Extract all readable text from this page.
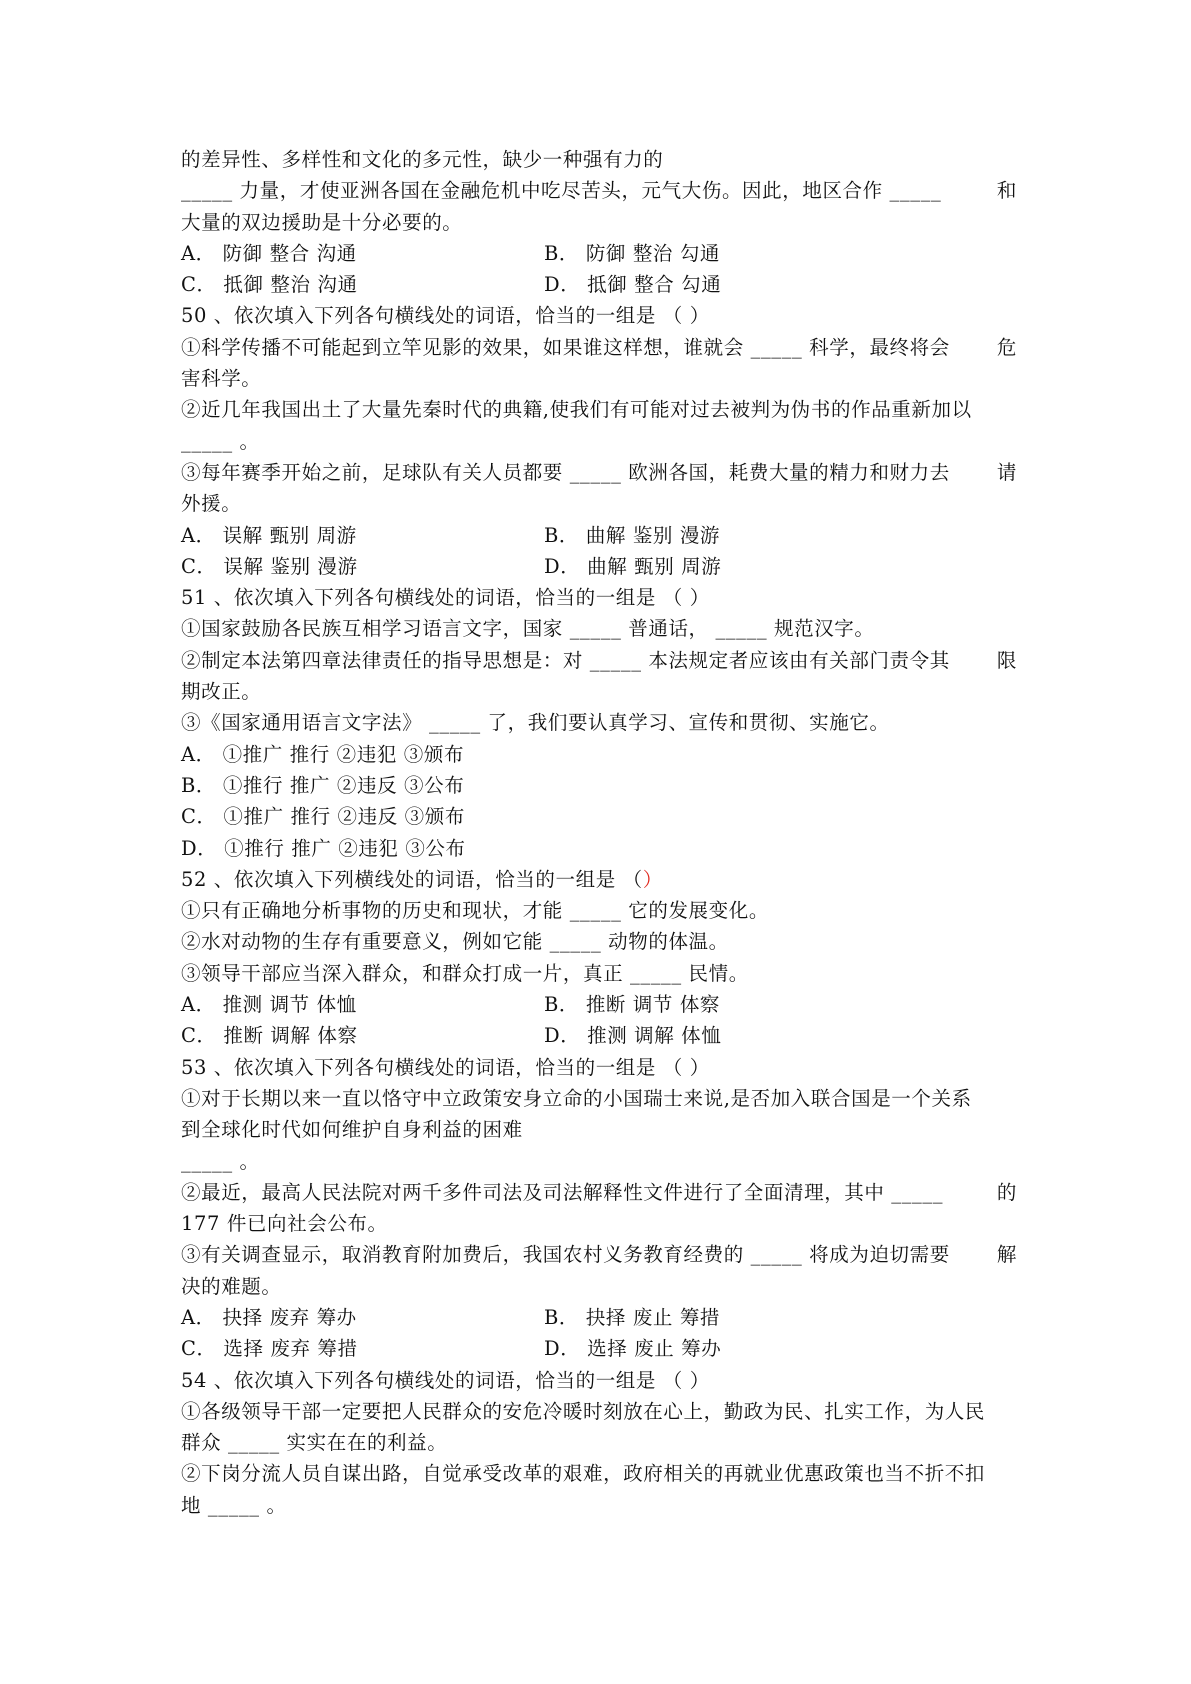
的差异性、多样性和文化的多元性，缺少一种强有力的
_____ 力量，才使亚洲各国在金融危机中吃尽苦头，元气大伤。因此，地区合作 _____	和
大量的双边援助是十分必要的。
A． 防御 整合 沟通	B． 防御 整治 勾通
C． 抵御 整治 沟通	D． 抵御 整合 勾通
50 、依次填入下列各句横线处的词语，恰当的一组是 （ ）
①科学传播不可能起到立竿见影的效果，如果谁这样想，谁就会 _____ 科学，最终将会 危
害科学。
②近几年我国出土了大量先秦时代的典籍,使我们有可能对过去被判为伪书的作品重新加以
_____ 。
③每年赛季开始之前，足球队有关人员都要 _____ 欧洲各国，耗费大量的精力和财力去 请
外援。
A． 误解 甄别 周游	B． 曲解 鉴别 漫游
C． 误解 鉴别 漫游	D． 曲解 甄别 周游
51 、依次填入下列各句横线处的词语，恰当的一组是 （ ）
①国家鼓励各民族互相学习语言文字，国家 _____ 普通话， _____ 规范汉字。
②制定本法第四章法律责任的指导思想是：对 _____ 本法规定者应该由有关部门责令其 限
期改正。
③《国家通用语言文字法》 _____ 了，我们要认真学习、宣传和贯彻、实施它。
A． ①推广 推行 ②违犯 ③颁布
B． ①推行 推广 ②违反 ③公布
C． ①推广 推行 ②违反 ③颁布
D． ①推行 推广 ②违犯 ③公布
52 、依次填入下列横线处的词语，恰当的一组是 （）
①只有正确地分析事物的历史和现状，才能 _____ 它的发展变化。
②水对动物的生存有重要意义，例如它能 _____ 动物的体温。
③领导干部应当深入群众，和群众打成一片，真正 _____ 民情。
A． 推测 调节 体恤	B． 推断 调节 体察
C． 推断 调解 体察	D． 推测 调解 体恤
53 、依次填入下列各句横线处的词语，恰当的一组是 （ ）
①对于长期以来一直以恪守中立政策安身立命的小国瑞士来说,是否加入联合国是一个关系
到全球化时代如何维护自身利益的困难
_____ 。
②最近，最高人民法院对两千多件司法及司法解释性文件进行了全面清理，其中 _____	的
177 件已向社会公布。
③有关调查显示，取消教育附加费后，我国农村义务教育经费的 _____ 将成为迫切需要 解
决的难题。
A． 抉择 废弃 筹办	B． 抉择 废止 筹措
C． 选择 废弃 筹措	D． 选择 废止 筹办
54 、依次填入下列各句横线处的词语，恰当的一组是 （ ）
①各级领导干部一定要把人民群众的安危冷暖时刻放在心上，勤政为民、扎实工作，为人民
群众 _____ 实实在在的利益。
②下岗分流人员自谋出路，自觉承受改革的艰难，政府相关的再就业优惠政策也当不折不扣
地 _____ 。
